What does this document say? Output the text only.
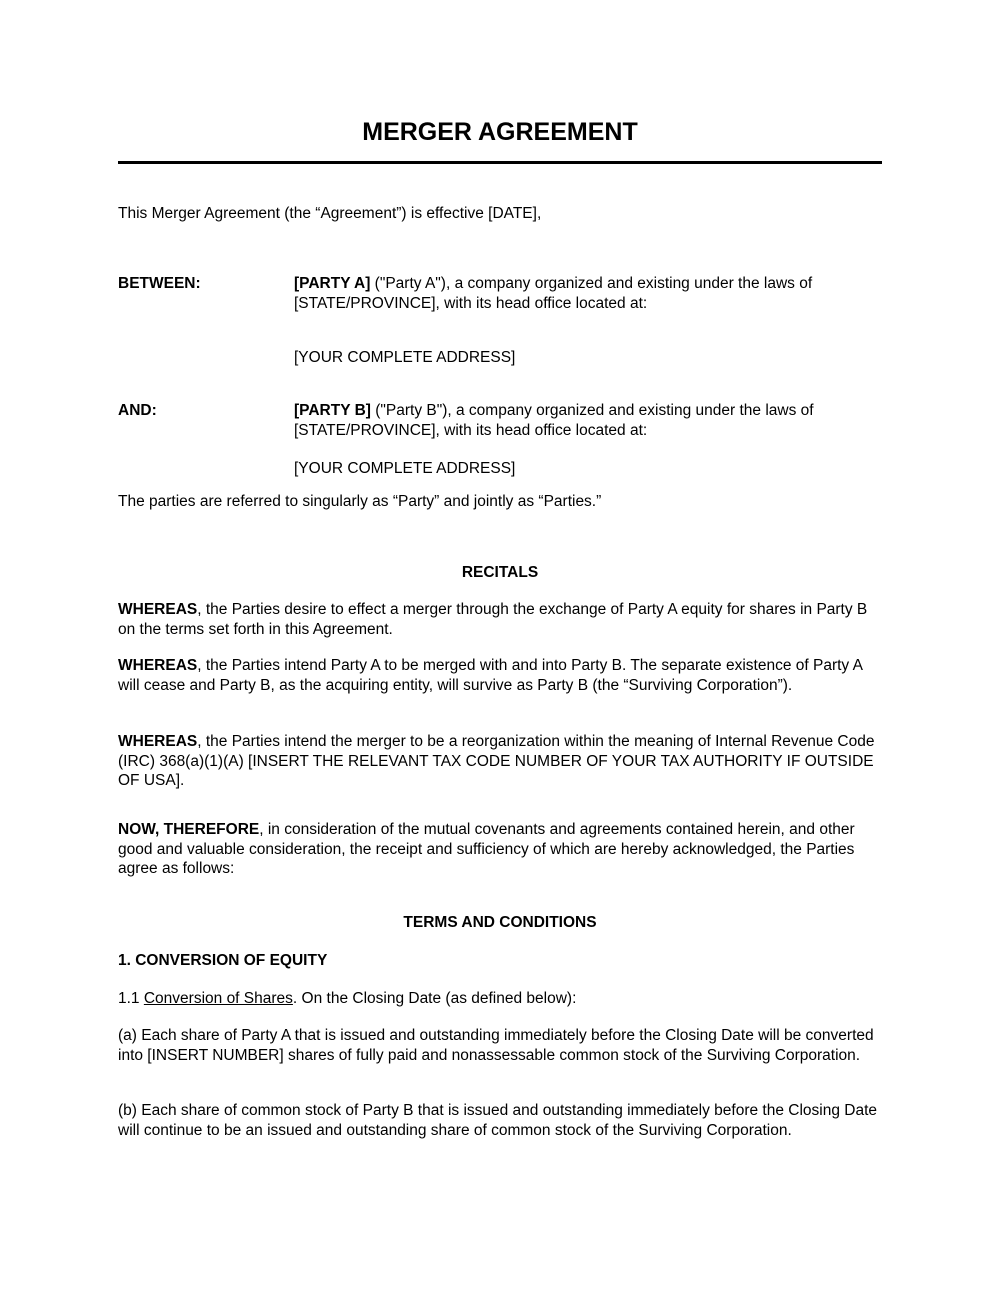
MERGER AGREEMENT
This Merger Agreement (the “Agreement”) is effective [DATE],
BETWEEN:	[PARTY A] ("Party A"), a company organized and existing under the laws of [STATE/PROVINCE], with its head office located at:
[YOUR COMPLETE ADDRESS]
AND:	[PARTY B] ("Party B"), a company organized and existing under the laws of [STATE/PROVINCE], with its head office located at:
[YOUR COMPLETE ADDRESS]
The parties are referred to singularly as “Party” and jointly as “Parties.”
RECITALS
WHEREAS, the Parties desire to effect a merger through the exchange of Party A equity for shares in Party B on the terms set forth in this Agreement.
WHEREAS, the Parties intend Party A to be merged with and into Party B. The separate existence of Party A will cease and Party B, as the acquiring entity, will survive as Party B (the “Surviving Corporation”).
WHEREAS, the Parties intend the merger to be a reorganization within the meaning of Internal Revenue Code (IRC) 368(a)(1)(A) [INSERT THE RELEVANT TAX CODE NUMBER OF YOUR TAX AUTHORITY IF OUTSIDE OF USA].
NOW, THEREFORE, in consideration of the mutual covenants and agreements contained herein, and other good and valuable consideration, the receipt and sufficiency of which are hereby acknowledged, the Parties agree as follows:
TERMS AND CONDITIONS
1. CONVERSION OF EQUITY
1.1 Conversion of Shares. On the Closing Date (as defined below):
(a) Each share of Party A that is issued and outstanding immediately before the Closing Date will be converted into [INSERT NUMBER] shares of fully paid and nonassessable common stock of the Surviving Corporation.
(b) Each share of common stock of Party B that is issued and outstanding immediately before the Closing Date will continue to be an issued and outstanding share of common stock of the Surviving Corporation.
